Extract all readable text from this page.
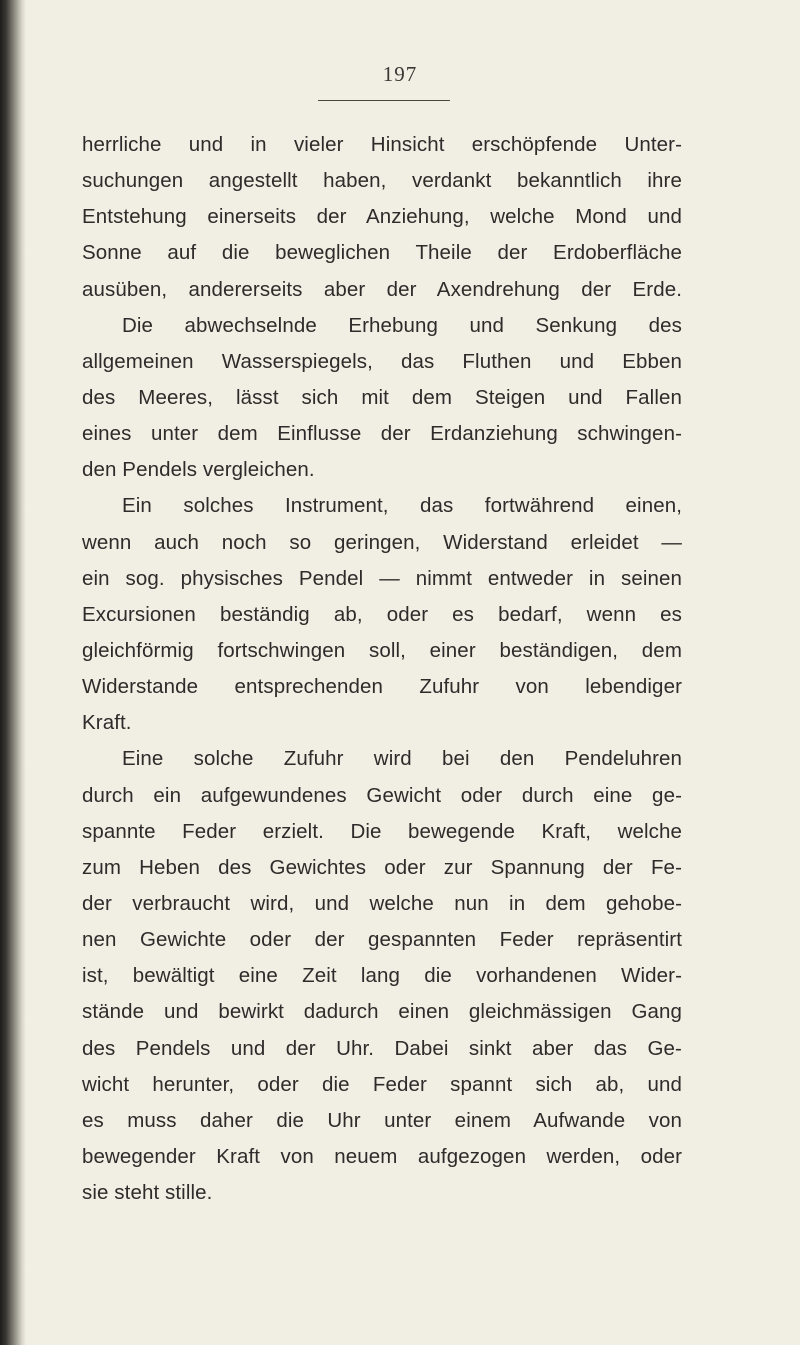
197
herrliche und in vieler Hinsicht erschöpfende Unter-
suchungen angestellt haben, verdankt bekanntlich ihre
Entstehung einerseits der Anziehung, welche Mond und
Sonne auf die beweglichen Theile der Erdoberfläche
ausüben, andererseits aber der Axendrehung der Erde.
Die abwechselnde Erhebung und Senkung des
allgemeinen Wasserspiegels, das Fluthen und Ebben
des Meeres, lässt sich mit dem Steigen und Fallen
eines unter dem Einflusse der Erdanziehung schwingen-
den Pendels vergleichen.
Ein solches Instrument, das fortwährend einen,
wenn auch noch so geringen, Widerstand erleidet —
ein sog. physisches Pendel — nimmt entweder in seinen
Excursionen beständig ab, oder es bedarf, wenn es
gleichförmig fortschwingen soll, einer beständigen, dem
Widerstande entsprechenden Zufuhr von lebendiger
Kraft.
Eine solche Zufuhr wird bei den Pendeluhren
durch ein aufgewundenes Gewicht oder durch eine ge-
spannte Feder erzielt. Die bewegende Kraft, welche
zum Heben des Gewichtes oder zur Spannung der Fe-
der verbraucht wird, und welche nun in dem gehobe-
nen Gewichte oder der gespannten Feder repräsentirt
ist, bewältigt eine Zeit lang die vorhandenen Wider-
stände und bewirkt dadurch einen gleichmässigen Gang
des Pendels und der Uhr. Dabei sinkt aber das Ge-
wicht herunter, oder die Feder spannt sich ab, und
es muss daher die Uhr unter einem Aufwande von
bewegender Kraft von neuem aufgezogen werden, oder
sie steht stille.
